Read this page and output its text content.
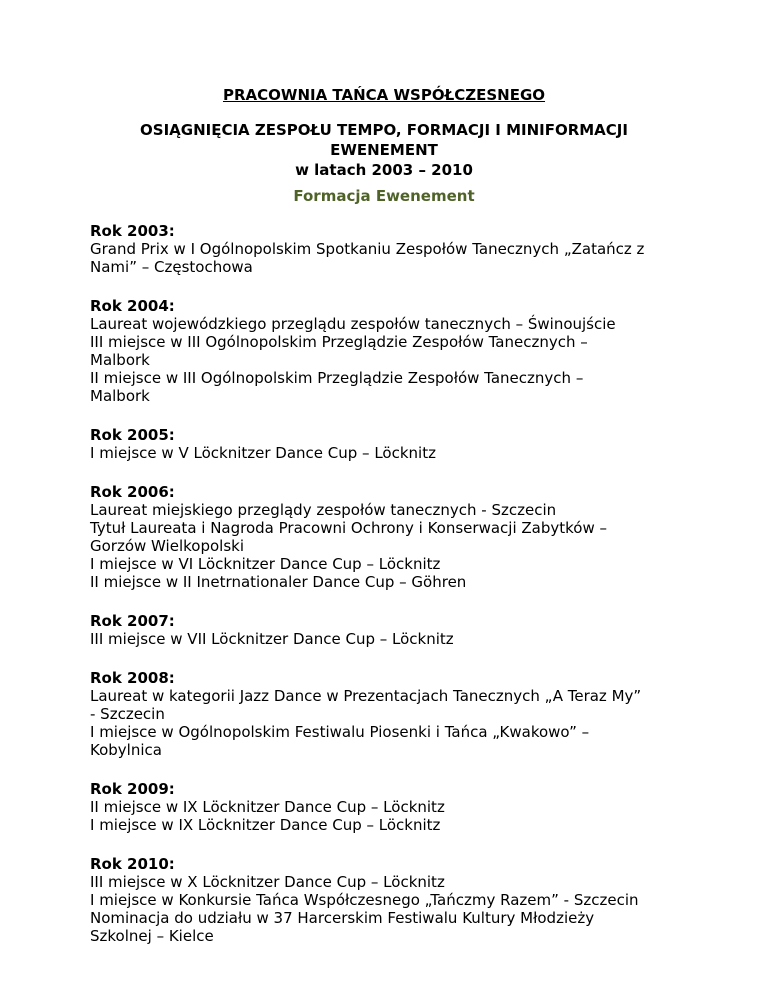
PRACOWNIA TAŃCA WSPÓŁCZESNEGO
OSIĄGNIĘCIA ZESPOŁU TEMPO, FORMACJI I MINIFORMACJI
EWENEMENT
w latach 2003 – 2010
Formacja Ewenement
Rok 2003:
Grand Prix w I Ogólnopolskim Spotkaniu Zespołów Tanecznych „Zatańcz z
Nami” – Częstochowa
Rok 2004:
Laureat wojewódzkiego przeglądu zespołów tanecznych – Świnoujście
III miejsce w III Ogólnopolskim Przeglądzie Zespołów Tanecznych –
Malbork
II miejsce w III Ogólnopolskim Przeglądzie Zespołów Tanecznych –
Malbork
Rok 2005:
I miejsce w V Löcknitzer Dance Cup – Löcknitz
Rok 2006:
Laureat miejskiego przeglądy zespołów tanecznych - Szczecin
Tytuł Laureata i Nagroda Pracowni Ochrony i Konserwacji Zabytków –
Gorzów Wielkopolski
I miejsce w VI Löcknitzer Dance Cup – Löcknitz
II miejsce w II Inetrnationaler Dance Cup – Göhren
Rok 2007:
III miejsce w VII Löcknitzer Dance Cup – Löcknitz
Rok 2008:
Laureat w kategorii Jazz Dance w Prezentacjach Tanecznych „A Teraz My”
- Szczecin
I miejsce w Ogólnopolskim Festiwalu Piosenki i Tańca „Kwakowo” –
Kobylnica
Rok 2009:
II miejsce w IX Löcknitzer Dance Cup – Löcknitz
I miejsce w IX Löcknitzer Dance Cup – Löcknitz
Rok 2010:
III miejsce w X Löcknitzer Dance Cup – Löcknitz
I miejsce w Konkursie Tańca Współczesnego „Tańczmy Razem” - Szczecin
Nominacja do udziału w 37 Harcerskim Festiwalu Kultury Młodzieży
Szkolnej – Kielce
